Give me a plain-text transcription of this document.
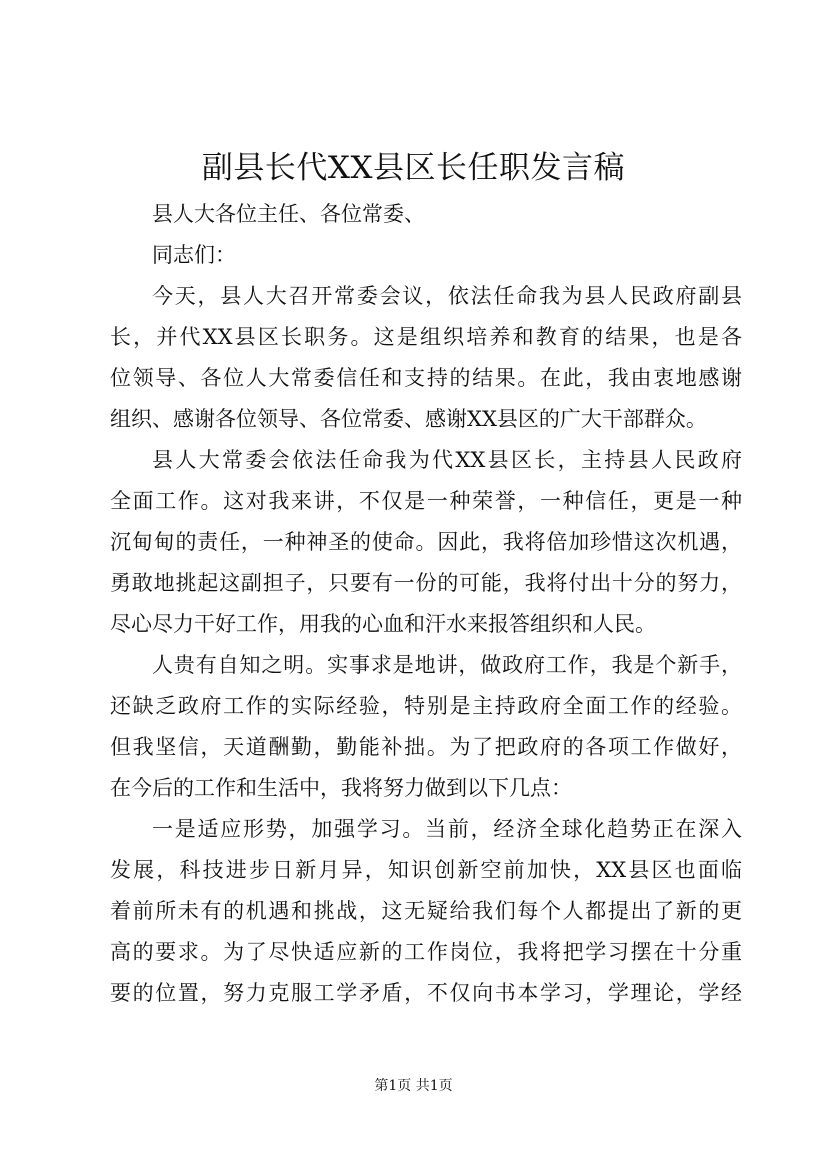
副县长代XX县区长任职发言稿
县人大各位主任、各位常委、
同志们：
今天，县人大召开常委会议，依法任命我为县人民政府副县
长，并代XX县区长职务。这是组织培养和教育的结果，也是各
位领导、各位人大常委信任和支持的结果。在此，我由衷地感谢
组织、感谢各位领导、各位常委、感谢XX县区的广大干部群众。
县人大常委会依法任命我为代XX县区长，主持县人民政府
全面工作。这对我来讲，不仅是一种荣誉，一种信任，更是一种
沉甸甸的责任，一种神圣的使命。因此，我将倍加珍惜这次机遇，
勇敢地挑起这副担子，只要有一份的可能，我将付出十分的努力，
尽心尽力干好工作，用我的心血和汗水来报答组织和人民。
人贵有自知之明。实事求是地讲，做政府工作，我是个新手，
还缺乏政府工作的实际经验，特别是主持政府全面工作的经验。
但我坚信，天道酬勤，勤能补拙。为了把政府的各项工作做好，
在今后的工作和生活中，我将努力做到以下几点：
一是适应形势，加强学习。当前，经济全球化趋势正在深入
发展，科技进步日新月异，知识创新空前加快，XX县区也面临
着前所未有的机遇和挑战，这无疑给我们每个人都提出了新的更
高的要求。为了尽快适应新的工作岗位，我将把学习摆在十分重
要的位置，努力克服工学矛盾，不仅向书本学习，学理论，学经
第1页 共1页
